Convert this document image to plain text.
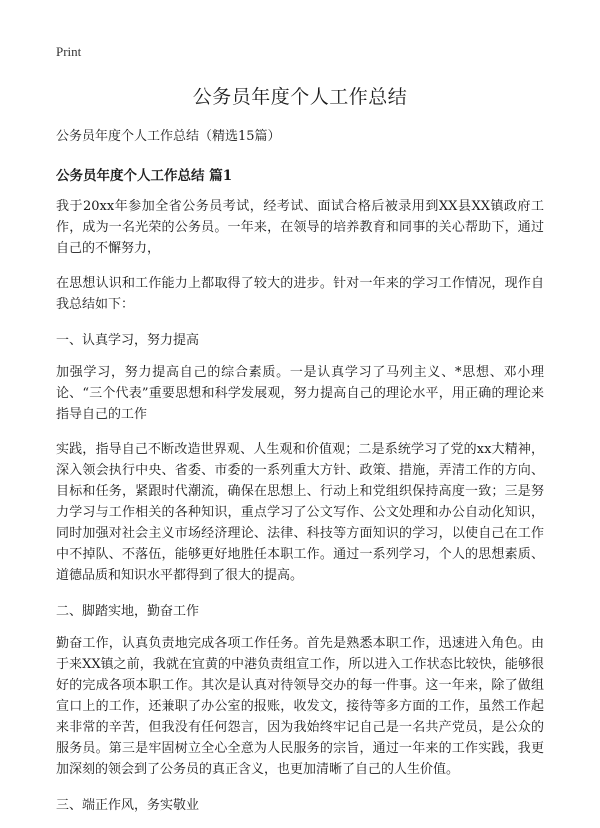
Print
公务员年度个人工作总结
公务员年度个人工作总结（精选15篇）
公务员年度个人工作总结 篇1

我于20xx年参加全省公务员考试，经考试、面试合格后被录用到XX县XX镇政府工作，成为一名光荣的公务员。一年来，在领导的培养教育和同事的关心帮助下，通过自己的不懈努力，

在思想认识和工作能力上都取得了较大的进步。针对一年来的学习工作情况，现作自我总结如下：

一、认真学习，努力提高

加强学习，努力提高自己的综合素质。一是认真学习了马列主义、*思想、邓小理论、“三个代表”重要思想和科学发展观，努力提高自己的理论水平，用正确的理论来指导自己的工作

实践，指导自己不断改造世界观、人生观和价值观；二是系统学习了党的xx大精神，深入领会执行中央、省委、市委的一系列重大方针、政策、措施，弄清工作的方向、目标和任务，紧跟时代潮流，确保在思想上、行动上和党组织保持高度一致；三是努力学习与工作相关的各种知识，重点学习了公文写作、公文处理和办公自动化知识，同时加强对社会主义市场经济理论、法律、科技等方面知识的学习，以使自己在工作中不掉队、不落伍，能够更好地胜任本职工作。通过一系列学习，个人的思想素质、道德品质和知识水平都得到了很大的提高。

二、脚踏实地，勤奋工作

勤奋工作，认真负责地完成各项工作任务。首先是熟悉本职工作，迅速进入角色。由于来XX镇之前，我就在宜黄的中港负责组宣工作，所以进入工作状态比较快，能够很好的完成各项本职工作。其次是认真对待领导交办的每一件事。这一年来，除了做组宣口上的工作，还兼职了办公室的报账，收发文，接待等多方面的工作，虽然工作起来非常的辛苦，但我没有任何怨言，因为我始终牢记自己是一名共产党员，是公众的服务员。第三是牢固树立全心全意为人民服务的宗旨，通过一年来的工作实践，我更加深刻的领会到了公务员的真正含义，也更加清晰了自己的人生价值。

三、端正作风，务实敬业
